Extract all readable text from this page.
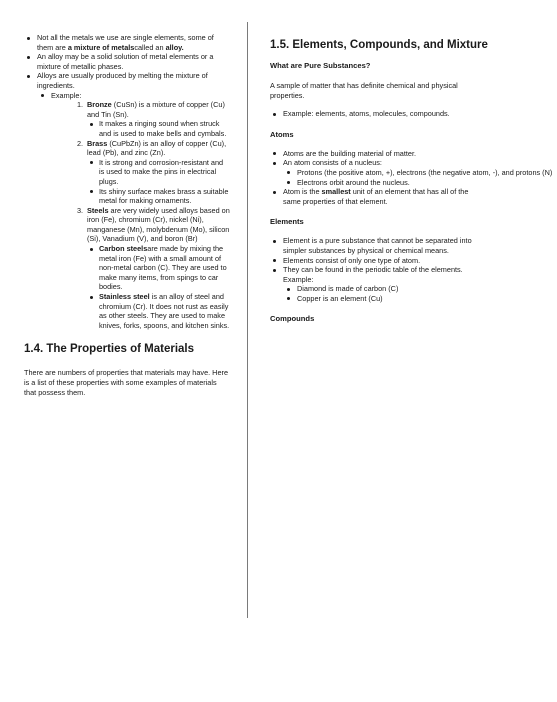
Not all the metals we use are single elements, some of them are a mixture of metalscalled an alloy.
An alloy may be a solid solution of metal elements or a mixture of metallic phases.
Alloys are usually produced by melting the mixture of ingredients.
Example:
1. Bronze (CuSn) is a mixture of copper (Cu) and Tin (Sn).
It makes a ringing sound when struck and is used to make bells and cymbals.
2. Brass (CuPbZn) is an alloy of copper (Cu), lead (Pb), and zinc (Zn).
It is strong and corrosion-resistant and is used to make the pins in electrical plugs.
Its shiny surface makes brass a suitable metal for making ornaments.
3. Steels are very widely used alloys based on iron (Fe), chromium (Cr), nickel (Ni), manganese (Mn), molybdenum (Mo), silicon (Si), Vanadium (V), and boron (Br)
Carbon steelsare made by mixing the metal iron (Fe) with a small amount of non-metal carbon (C). They are used to make many items, from spings to car bodies.
Stainless steel is an alloy of steel and chromium (Cr). It does not rust as easily as other steels. They are used to make knives, forks, spoons, and kitchen sinks.
1.4. The Properties of Materials

There are numbers of properties that materials may have. Here is a list of these properties with some examples of materials that possess them.

1.5. Elements, Compounds, and Mixture
What are Pure Substances?

A sample of matter that has definite chemical and physical properties.

Example: elements, atoms, molecules, compounds.
Atoms
Atoms are the building material of matter.
An atom consists of a nucleus:
Protons (the positive atom, +), electrons (the negative atom, -), and protons (N)
Electrons orbit around the nucleus.
Atom is the smallest unit of an element that has all of the same properties of that element.
Elements
Element is a pure substance that cannot be separated into simpler substances by physical or chemical means.
Elements consist of only one type of atom.
They can be found in the periodic table of the elements. Example:
Diamond is made of carbon (C)
Copper is an element (Cu)
Compounds
